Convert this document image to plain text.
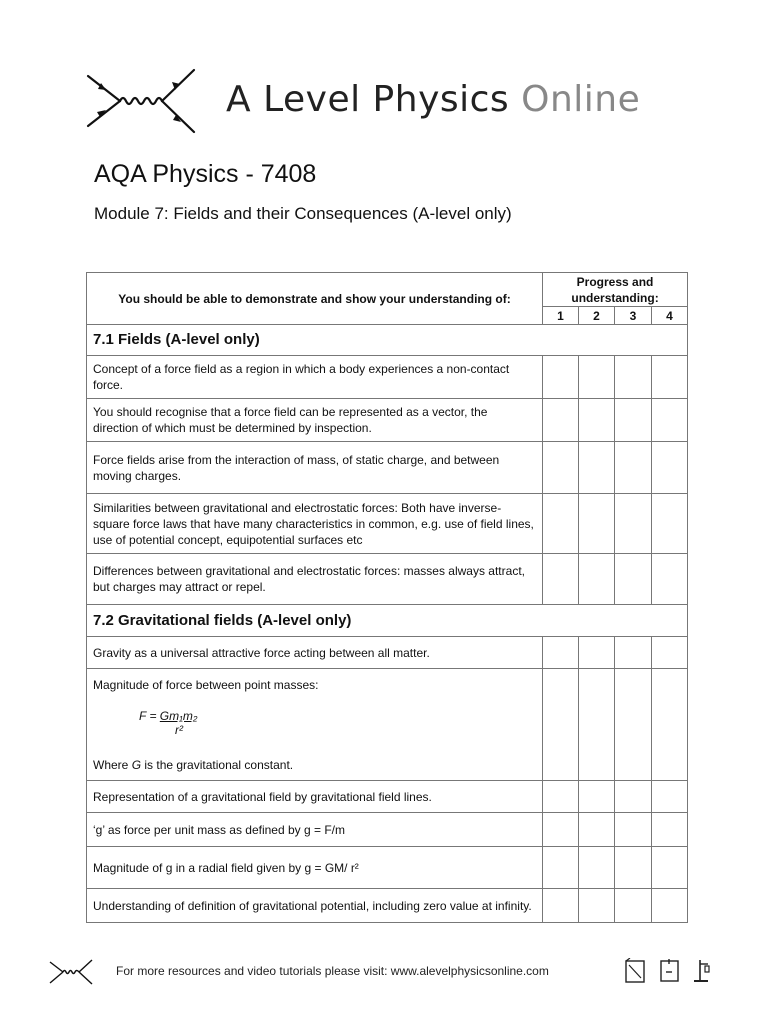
A Level Physics Online
AQA Physics - 7408
Module 7: Fields and their Consequences (A-level only)
You should be able to demonstrate and show your understanding of:	Progress and understanding:			
	1	2	3	4
7.1 Fields (A-level only)				
Concept of a force field as a region in which a body experiences a non-contact force.				
You should recognise that a force field can be represented as a vector, the direction of which must be determined by inspection.				
Force fields arise from the interaction of mass, of static charge, and between moving charges.				
Similarities between gravitational and electrostatic forces: Both have inverse-square force laws that have many characteristics in common, e.g. use of field lines, use of potential concept, equipotential surfaces etc				
Differences between gravitational and electrostatic forces: masses always attract, but charges may attract or repel.				
7.2 Gravitational fields (A-level only)				
Gravity as a universal attractive force acting between all matter.				

Magnitude of force between point masses:
F = Gm₁m₂
r²
Where G is the gravitational constant.				

Representation of a gravitational field by gravitational field lines.				
‘g’ as force per unit mass as defined by g = F/m				
Magnitude of g in a radial field given by g = GM/ r²				
Understanding of definition of gravitational potential, including zero value at infinity.				
For more resources and video tutorials please visit: www.alevelphysicsonline.com
